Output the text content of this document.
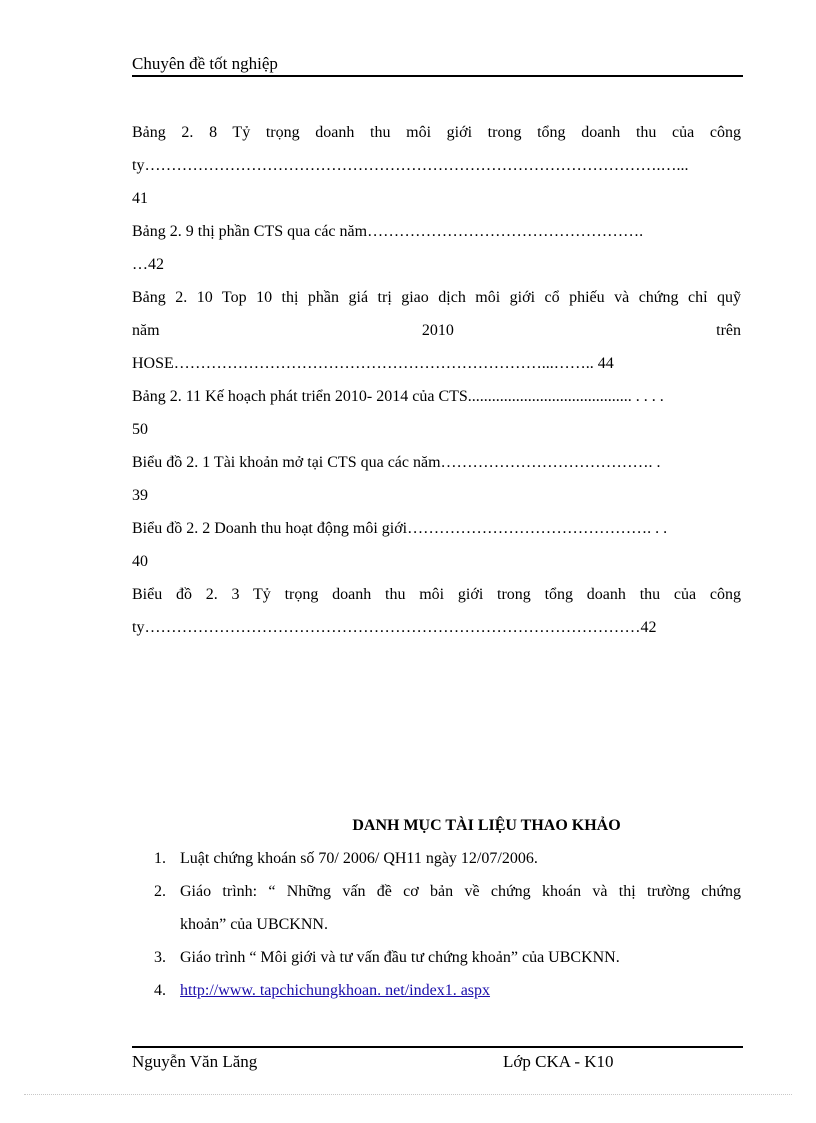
Chuyên đề tốt nghiệp
Bảng 2. 8 Tỷ trọng doanh thu môi giới trong tổng doanh thu của công
ty…………………………………………………………………………………….…...
41
Bảng 2. 9 thị phần CTS qua các năm…………………………………………….
…42
Bảng 2. 10 Top 10 thị phần giá trị giao dịch môi giới cổ phiếu và chứng chỉ quỹ
năm 2010 trên
HOSE……………………………………………………………...…….. 44
Bảng 2. 11 Kế hoạch phát triển 2010- 2014 của CTS......................................... . . . .
50
Biểu đồ 2. 1 Tài khoản mở tại CTS qua các năm…………………………………. .
39
Biểu đồ 2. 2 Doanh thu hoạt động môi giới………………………………………. . .
40
Biểu đồ 2. 3 Tỷ trọng doanh thu môi giới trong tổng doanh thu của công
ty…………………………………………………………………………………42
DANH MỤC TÀI LIỆU THAO KHẢO
1. Luật chứng khoán số 70/ 2006/ QH11 ngày 12/07/2006.
2. Giáo trình: “ Những vấn đề cơ bản về chứng khoán và thị trường chứng
khoản” của UBCKNN.
3. Giáo trình “ Môi giới và tư vấn đầu tư chứng khoản” của UBCKNN.
4. http://www. tapchichungkhoan. net/index1. aspx
Nguyễn Văn Lăng	Lớp CKA - K10
